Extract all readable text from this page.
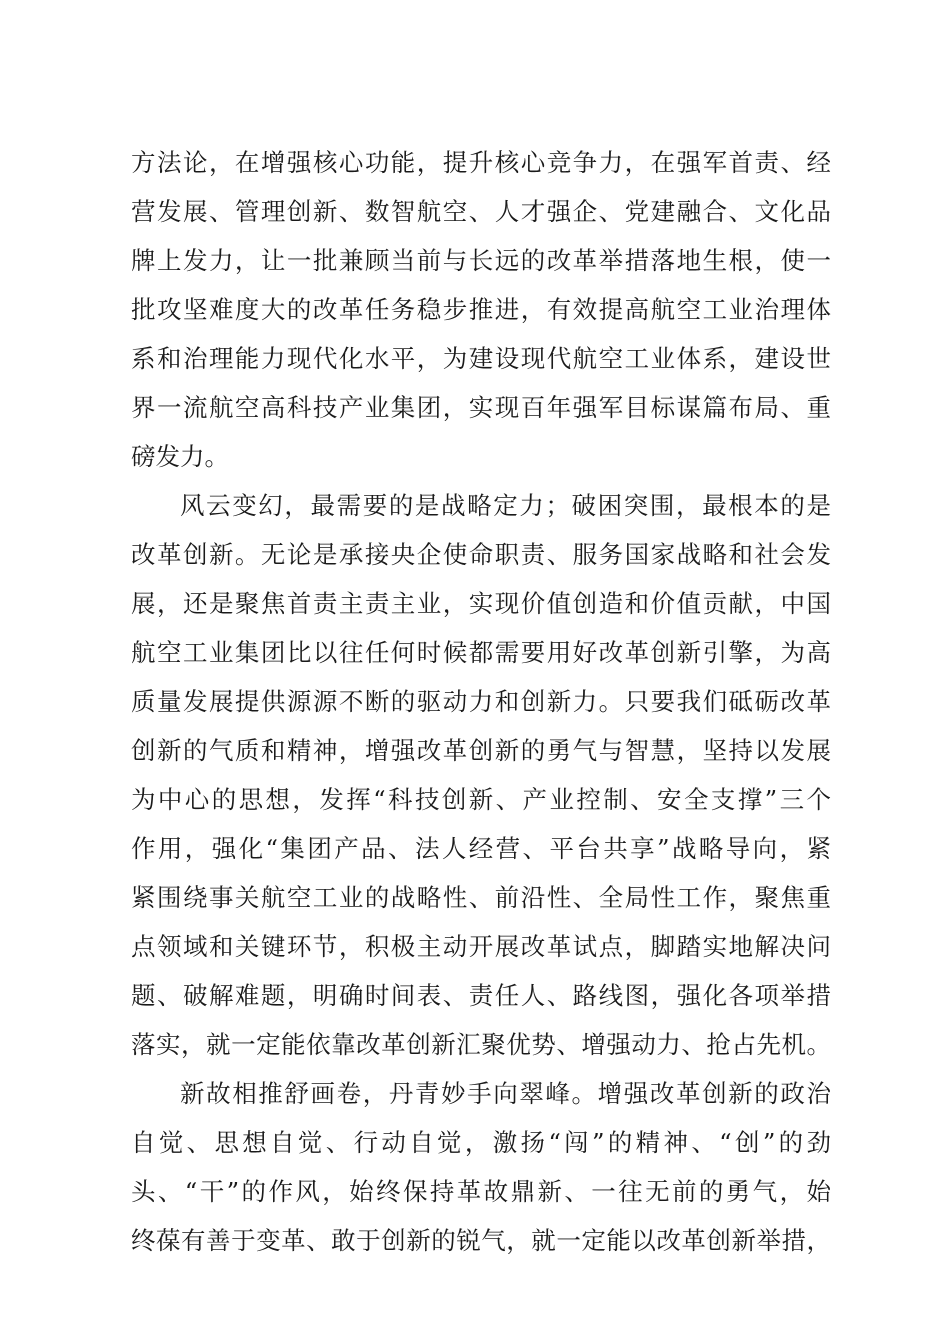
方法论，在增强核心功能，提升核心竞争力，在强军首责、经
营发展、管理创新、数智航空、人才强企、党建融合、文化品
牌上发力，让一批兼顾当前与长远的改革举措落地生根，使一
批攻坚难度大的改革任务稳步推进，有效提高航空工业治理体
系和治理能力现代化水平，为建设现代航空工业体系，建设世
界一流航空高科技产业集团，实现百年强军目标谋篇布局、重
磅发力。
风云变幻，最需要的是战略定力；破困突围，最根本的是
改革创新。无论是承接央企使命职责、服务国家战略和社会发
展，还是聚焦首责主责主业，实现价值创造和价值贡献，中国
航空工业集团比以往任何时候都需要用好改革创新引擎，为高
质量发展提供源源不断的驱动力和创新力。只要我们砥砺改革
创新的气质和精神，增强改革创新的勇气与智慧，坚持以发展
为中心的思想，发挥“科技创新、产业控制、安全支撑”三个
作用，强化“集团产品、法人经营、平台共享”战略导向，紧
紧围绕事关航空工业的战略性、前沿性、全局性工作，聚焦重
点领域和关键环节，积极主动开展改革试点，脚踏实地解决问
题、破解难题，明确时间表、责任人、路线图，强化各项举措
落实，就一定能依靠改革创新汇聚优势、增强动力、抢占先机。
新故相推舒画卷，丹青妙手向翠峰。增强改革创新的政治
自觉、思想自觉、行动自觉，激扬“闯”的精神、“创”的劲
头、“干”的作风，始终保持革故鼎新、一往无前的勇气，始
终葆有善于变革、敢于创新的锐气，就一定能以改革创新举措，
